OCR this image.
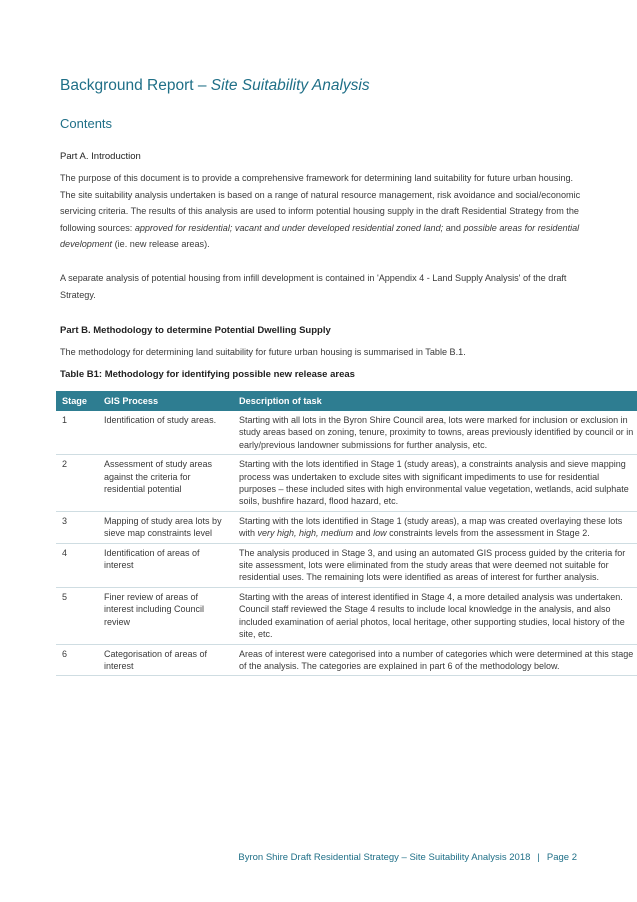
Background Report – Site Suitability Analysis
Contents
Part A. Introduction
The purpose of this document is to provide a comprehensive framework for determining land suitability for future urban housing. The site suitability analysis undertaken is based on a range of natural resource management, risk avoidance and social/economic servicing criteria. The results of this analysis are used to inform potential housing supply in the draft Residential Strategy from the following sources: approved for residential; vacant and under developed residential zoned land; and possible areas for residential development (ie. new release areas).
A separate analysis of potential housing from infill development is contained in 'Appendix 4 - Land Supply Analysis' of the draft Strategy.
Part B. Methodology to determine Potential Dwelling Supply
The methodology for determining land suitability for future urban housing is summarised in Table B.1.
Table B1: Methodology for identifying possible new release areas
Stage	GIS Process	Description of task
1	Identification of study areas.	Starting with all lots in the Byron Shire Council area, lots were marked for inclusion or exclusion in study areas based on zoning, tenure, proximity to towns, areas previously identified by council or in early/previous landowner submissions for further analysis, etc.
2	Assessment of study areas against the criteria for residential potential	Starting with the lots identified in Stage 1 (study areas), a constraints analysis and sieve mapping process was undertaken to exclude sites with significant impediments to use for residential purposes – these included sites with high environmental value vegetation, wetlands, acid sulphate soils, bushfire hazard, flood hazard, etc.
3	Mapping of study area lots by sieve map constraints level	Starting with the lots identified in Stage 1 (study areas), a map was created overlaying these lots with very high, high, medium and low constraints levels from the assessment in Stage 2.
4	Identification of areas of interest	The analysis produced in Stage 3, and using an automated GIS process guided by the criteria for site assessment, lots were eliminated from the study areas that were deemed not suitable for residential uses. The remaining lots were identified as areas of interest for further analysis.
5	Finer review of areas of interest including Council review	Starting with the areas of interest identified in Stage 4, a more detailed analysis was undertaken. Council staff reviewed the Stage 4 results to include local knowledge in the analysis, and also included examination of aerial photos, local heritage, other supporting studies, local history of the site, etc.
6	Categorisation of areas of interest	Areas of interest were categorised into a number of categories which were determined at this stage of the analysis. The categories are explained in part 6 of the methodology below.
Byron Shire Draft Residential Strategy – Site Suitability Analysis 2018 | Page 2
